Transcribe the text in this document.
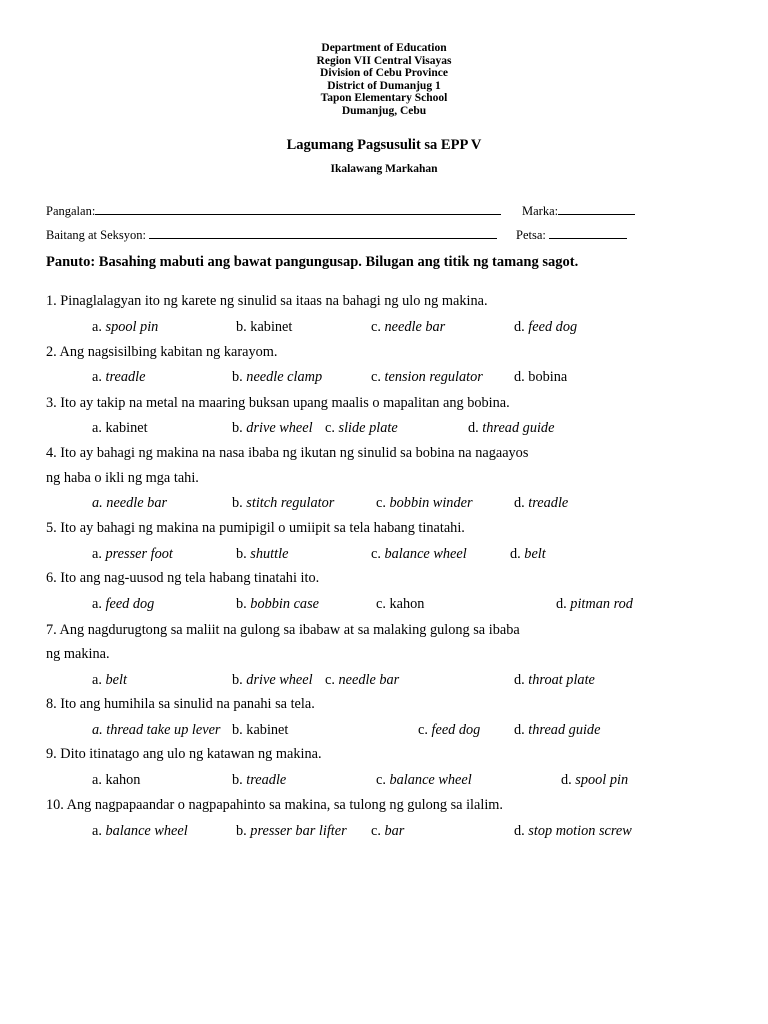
Department of Education
Region VII Central Visayas
Division of Cebu Province
District of Dumanjug 1
Tapon Elementary School
Dumanjug, Cebu
Lagumang Pagsusulit sa EPP V
Ikalawang Markahan
Pangalan:	Marka:
Baitang at Seksyon:	Petsa:
Panuto: Basahing mabuti ang bawat pangungusap. Bilugan ang titik ng tamang sagot.
1. Pinaglalagyan ito ng karete ng sinulid sa itaas na bahagi ng ulo ng makina.
a. spool pin	b. kabinet	c. needle bar	d. feed dog
2. Ang nagsisilbing kabitan ng karayom.
a. treadle	b. needle clamp	c. tension regulator d. bobina
3. Ito ay takip na metal na maaring buksan upang maalis o mapalitan ang bobina.
a. kabinet	b. drive wheel c. slide plate	d. thread guide
4. Ito ay bahagi ng makina na nasa ibaba ng ikutan ng sinulid sa bobina na nagaayos
ng haba o ikli ng mga tahi.
a. needle bar	b. stitch regulator	c. bobbin winder	d. treadle
5. Ito ay bahagi ng makina na pumipigil o umiipit sa tela habang tinatahi.
a. presser foot	b. shuttle	c. balance wheel	d. belt
6. Ito ang nag-uusod ng tela habang tinatahi ito.
a. feed dog	b. bobbin case	c. kahon	d. pitman rod
7. Ang nagdurugtong sa maliit na gulong sa ibabaw at sa malaking gulong sa ibaba
ng makina.
a. belt	b. drive wheel c. needle bar	d. throat plate
8. Ito ang humihila sa sinulid na panahi sa tela.
a. thread take up lever b. kabinet	c. feed dog d. thread guide
9. Dito itinatago ang ulo ng katawan ng makina.
a. kahon	b. treadle	c. balance wheel	d. spool pin
10. Ang nagpapaandar o nagpapahinto sa makina, sa tulong ng gulong sa ilalim.
a. balance wheel	b. presser bar lifter c. bar	d. stop motion screw
